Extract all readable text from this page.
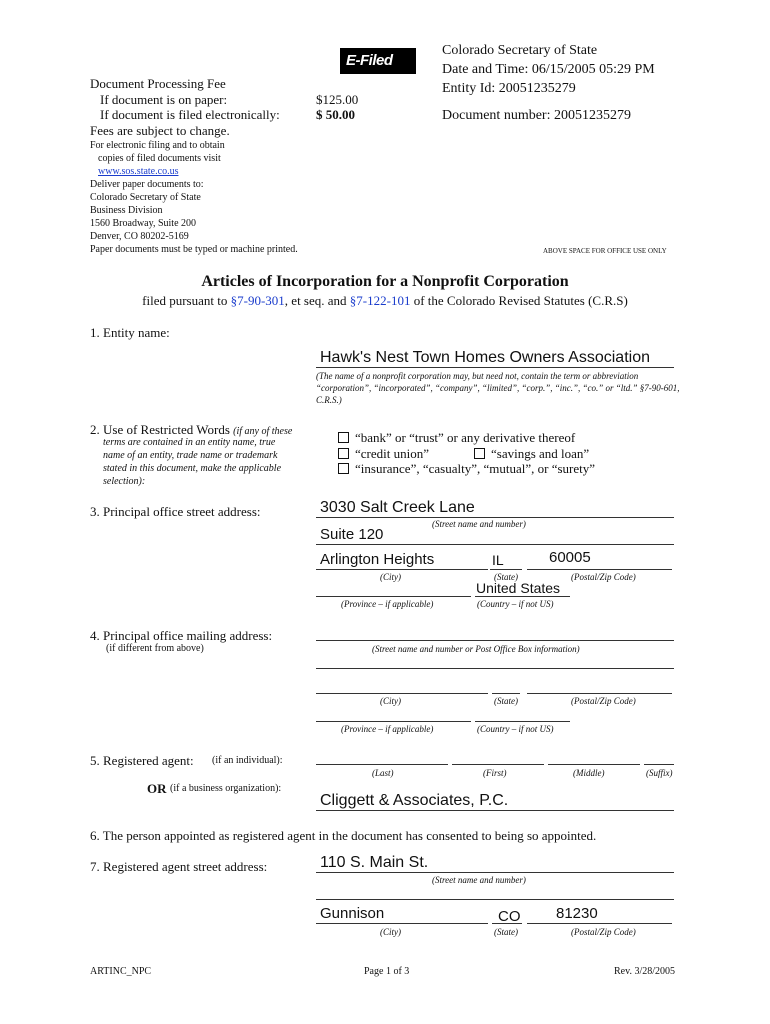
E-Filed
Colorado Secretary of State
Date and Time: 06/15/2005 05:29 PM
Entity Id: 20051235279
Document number: 20051235279
Document Processing Fee
If document is on paper:	$125.00
If document is filed electronically:	$ 50.00
Fees are subject to change.
For electronic filing and to obtain
copies of filed documents visit
www.sos.state.co.us
Deliver paper documents to:
Colorado Secretary of State
Business Division
1560 Broadway, Suite 200
Denver, CO 80202-5169
Paper documents must be typed or machine printed.	ABOVE SPACE FOR OFFICE USE ONLY
Articles of Incorporation for a Nonprofit Corporation
filed pursuant to §7-90-301, et seq. and §7-122-101 of the Colorado Revised Statutes (C.R.S)
1. Entity name:
Hawk's Nest Town Homes Owners Association
(The name of a nonprofit corporation may, but need not, contain the term or abbreviation “corporation”, “incorporated”, “company”, “limited”, “corp.”, “inc.”, “co.” or “ltd.” §7-90-601, C.R.S.)
2. Use of Restricted Words (if any of these
terms are contained in an entity name, true
name of an entity, trade name or trademark
stated in this document, make the applicable
selection):
“bank” or “trust” or any derivative thereof
“credit union”	“savings and loan”
“insurance”, “casualty”, “mutual”, or “surety”
3. Principal office street address:	3030 Salt Creek Lane
(Street name and number)
Suite 120
Arlington Heights	IL	60005
(City)	(State)	(Postal/Zip Code)
United States
(Province – if applicable)	(Country – if not US)
4. Principal office mailing address:
(if different from above)	(Street name and number or Post Office Box information)
(City)	(State)	(Postal/Zip Code)
(Province – if applicable)	(Country – if not US)
5. Registered agent: (if an individual):
(Last)	(First)	(Middle)	(Suffix)
OR (if a business organization):
Cliggett & Associates, P.C.
6. The person appointed as registered agent in the document has consented to being so appointed.
7. Registered agent street address:	110 S. Main St.
(Street name and number)
Gunnison	CO 81230
(City)	(State)	(Postal/Zip Code)
ARTINC_NPC	Page 1 of 3	Rev. 3/28/2005
